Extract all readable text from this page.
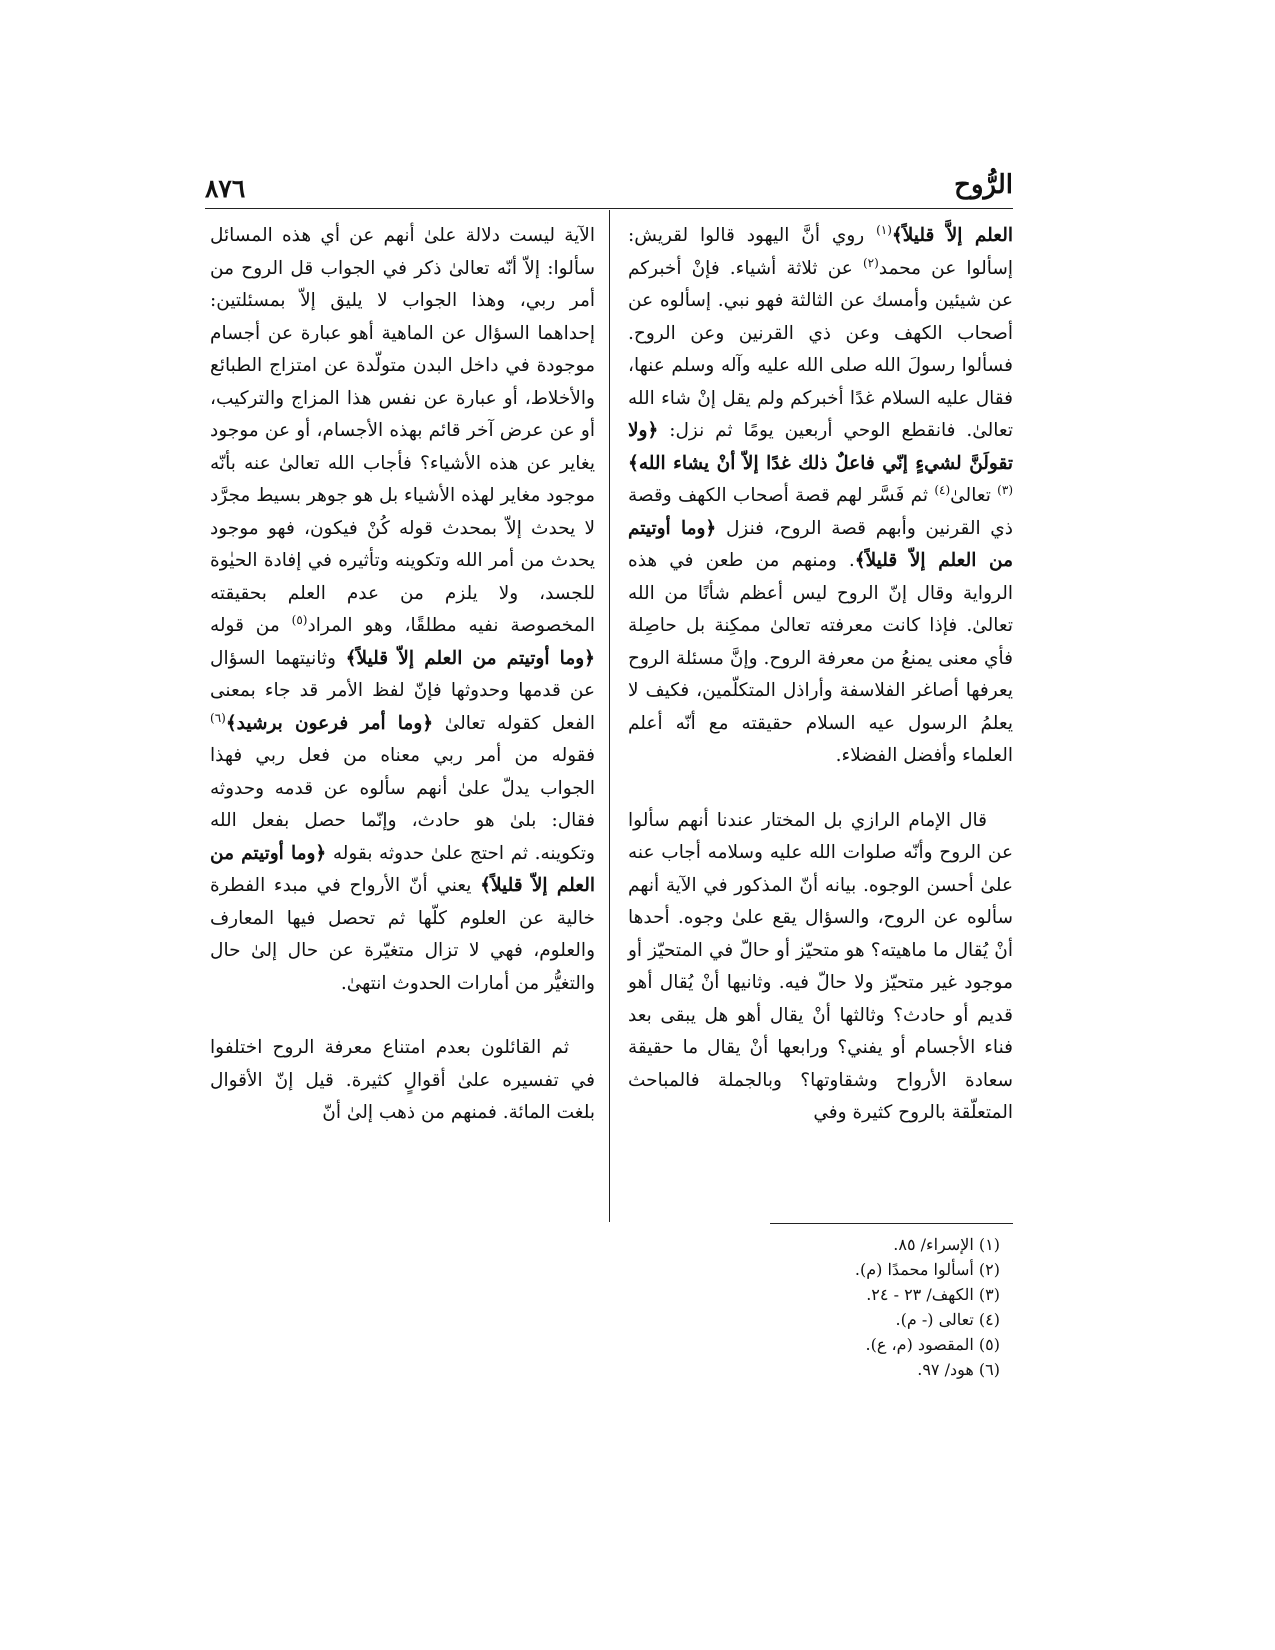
الرُّوح
٨٧٦

العلم إلاَّ قليلاً﴾$^{(١)}$ روي أنَّ اليهود قالوا لقريش: إسألوا عن محمد$^{(٢)}$ عن ثلاثة أشياء. فإنْ أخبركم عن شيئين وأمسك عن الثالثة فهو نبي. إسألوه عن أصحاب الكهف وعن ذي القرنين وعن الروح. فسألوا رسولَ الله صلى الله عليه وآله وسلم عنها، فقال عليه السلام غدًا أخبركم ولم يقل إنْ شاء الله تعالىٰ. فانقطع الوحي أربعين يومًا ثم نزل: ﴿ولا تقولَنَّ لشيءٍ إنّي فاعلٌ ذلك غدًا إلاّ أنْ يشاء الله﴾$^{(٣)}$ تعالىٰ$^{(٤)}$ ثم فَسَّر لهم قصة أصحاب الكهف وقصة ذي القرنين وأبهم قصة الروح، فنزل ﴿وما أوتيتم من العلم إلاّ قليلاً﴾. ومنهم من طعن في هذه الرواية وقال إنّ الروح ليس أعظم شأنًا من الله تعالىٰ. فإذا كانت معرفته تعالىٰ ممكِنة بل حاصِلة فأي معنى يمنعُ من معرفة الروح. وإنَّ مسئلة الروح يعرفها أصاغر الفلاسفة وأراذل المتكلّمين، فكيف لا يعلمُ الرسول عيه السلام حقيقته مع أنّه أعلم العلماء وأفضل الفضلاء.

قال الإمام الرازي بل المختار عندنا أنهم سألوا عن الروح وأنّه صلوات الله عليه وسلامه أجاب عنه علىٰ أحسن الوجوه. بيانه أنّ المذكور في الآية أنهم سألوه عن الروح، والسؤال يقع علىٰ وجوه. أحدها أنْ يُقال ما ماهيته؟ هو متحيّز أو حالّ في المتحيّز أو موجود غير متحيّز ولا حالّ فيه. وثانيها أنْ يُقال أهو قديم أو حادث؟ وثالثها أنْ يقال أهو هل يبقى بعد فناء الأجسام أو يفني؟ ورابعها أنْ يقال ما حقيقة سعادة الأرواح وشقاوتها؟ وبالجملة فالمباحث المتعلّقة بالروح كثيرة وفي

الآية ليست دلالة علىٰ أنهم عن أي هذه المسائل سألوا: إلاّ أنّه تعالىٰ ذكر في الجواب قل الروح من أمر ربي، وهذا الجواب لا يليق إلاّ بمسئلتين: إحداهما السؤال عن الماهية أهو عبارة عن أجسام موجودة في داخل البدن متولّدة عن امتزاج الطبائع والأخلاط، أو عبارة عن نفس هذا المزاج والتركيب، أو عن عرض آخر قائم بهذه الأجسام، أو عن موجود يغاير عن هذه الأشياء؟ فأجاب الله تعالىٰ عنه بأنّه موجود مغاير لهذه الأشياء بل هو جوهر بسيط مجرَّد لا يحدث إلاّ بمحدث قوله كُنْ فيكون، فهو موجود يحدث من أمر الله وتكوينه وتأثيره في إفادة الحيٰوة للجسد، ولا يلزم من عدم العلم بحقيقته المخصوصة نفيه مطلقًا، وهو المراد$^{(٥)}$ من قوله ﴿وما أوتيتم من العلم إلاّ قليلاً﴾ وثانيتهما السؤال عن قدمها وحدوثها فإنّ لفظ الأمر قد جاء بمعنى الفعل كقوله تعالىٰ ﴿وما أمر فرعون برشيد﴾$^{(٦)}$ فقوله من أمر ربي معناه من فعل ربي فهذا الجواب يدلّ علىٰ أنهم سألوه عن قدمه وحدوثه فقال: بلىٰ هو حادث، وإنّما حصل بفعل الله وتكوينه. ثم احتج علىٰ حدوثه بقوله ﴿وما أوتيتم من العلم إلاّ قليلاً﴾ يعني أنّ الأرواح في مبدء الفطرة خالية عن العلوم كلّها ثم تحصل فيها المعارف والعلوم، فهي لا تزال متغيّرة عن حال إلىٰ حال والتغيُّر من أمارات الحدوث انتهىٰ.

ثم القائلون بعدم امتناع معرفة الروح اختلفوا في تفسيره علىٰ أقوالٍ كثيرة. قيل إنّ الأقوال بلغت المائة. فمنهم من ذهب إلىٰ أنّ

(١) الإسراء/ ٨٥.
(٢) أسألوا محمدًا (م).
(٣) الكهف/ ٢٣ - ٢٤.
(٤) تعالى (- م).
(٥) المقصود (م، ع).
(٦) هود/ ٩٧.
